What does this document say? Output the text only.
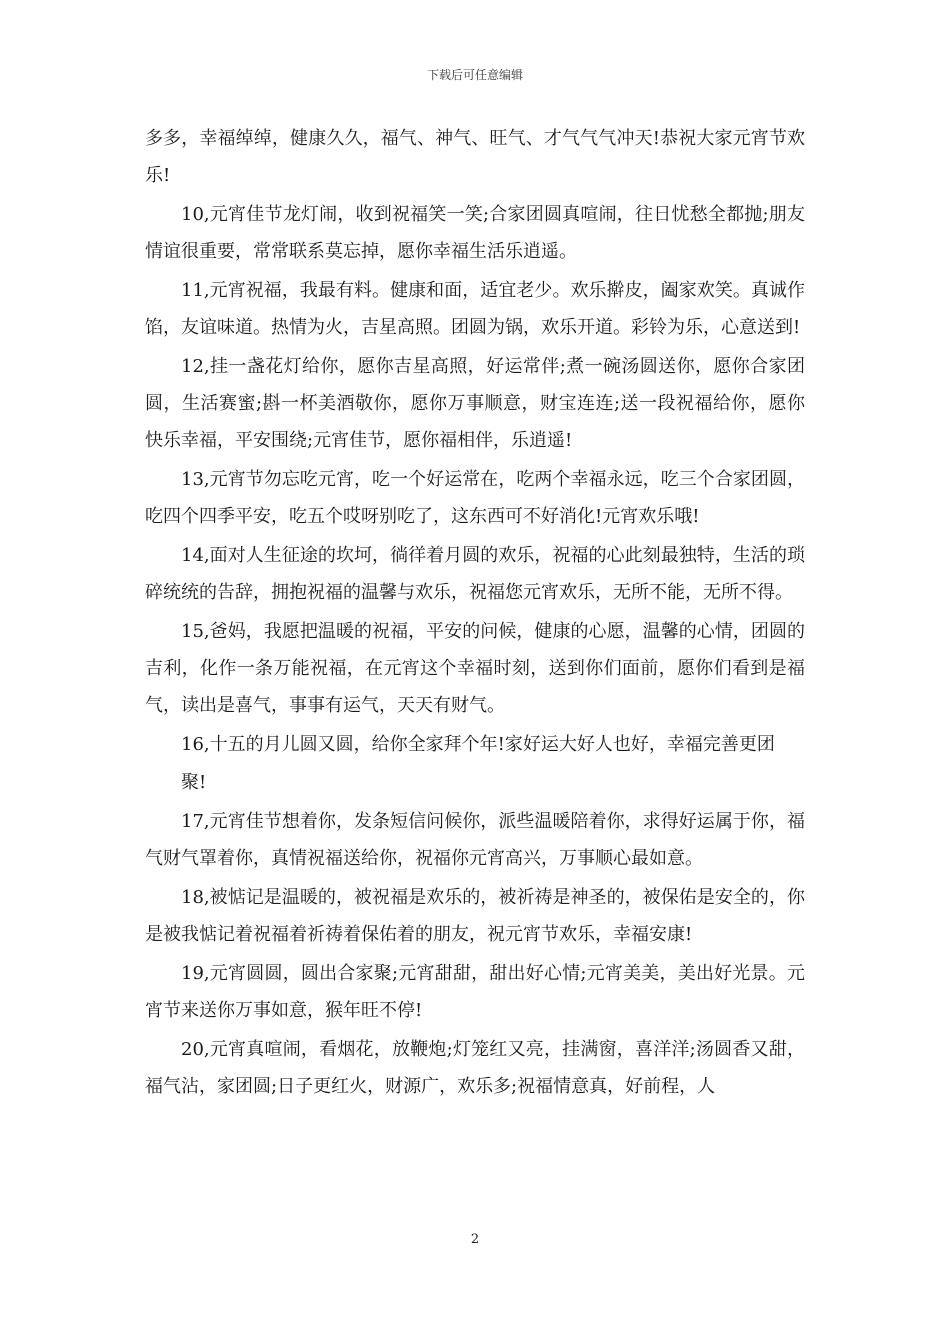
下载后可任意编辑

多多，幸福绰绰，健康久久，福气、神气、旺气、才气气气冲天!恭祝大家元宵节欢乐!

10,元宵佳节龙灯闹，收到祝福笑一笑;合家团圆真喧闹，往日忧愁全都抛;朋友情谊很重要，常常联系莫忘掉，愿你幸福生活乐逍遥。

11,元宵祝福，我最有料。健康和面，适宜老少。欢乐擀皮，阖家欢笑。真诚作馅，友谊味道。热情为火，吉星高照。团圆为锅，欢乐开道。彩铃为乐，心意送到!

12,挂一盏花灯给你，愿你吉星高照，好运常伴;煮一碗汤圆送你，愿你合家团圆，生活赛蜜;斟一杯美酒敬你，愿你万事顺意，财宝连连;送一段祝福给你，愿你快乐幸福，平安围绕;元宵佳节，愿你福相伴，乐逍遥!

13,元宵节勿忘吃元宵，吃一个好运常在，吃两个幸福永远，吃三个合家团圆，吃四个四季平安，吃五个哎呀别吃了，这东西可不好消化!元宵欢乐哦!

14,面对人生征途的坎坷，徜徉着月圆的欢乐，祝福的心此刻最独特，生活的琐碎统统的告辞，拥抱祝福的温馨与欢乐，祝福您元宵欢乐，无所不能，无所不得。

15,爸妈，我愿把温暖的祝福，平安的问候，健康的心愿，温馨的心情，团圆的吉利，化作一条万能祝福，在元宵这个幸福时刻，送到你们面前，愿你们看到是福气，读出是喜气，事事有运气，天天有财气。

16,十五的月儿圆又圆，给你全家拜个年!家好运大好人也好，幸福完善更团

聚!

17,元宵佳节想着你，发条短信问候你，派些温暖陪着你，求得好运属于你，福气财气罩着你，真情祝福送给你，祝福你元宵高兴，万事顺心最如意。

18,被惦记是温暖的，被祝福是欢乐的，被祈祷是神圣的，被保佑是安全的，你是被我惦记着祝福着祈祷着保佑着的朋友，祝元宵节欢乐，幸福安康!

19,元宵圆圆，圆出合家聚;元宵甜甜，甜出好心情;元宵美美，美出好光景。元宵节来送你万事如意，猴年旺不停!

20,元宵真喧闹，看烟花，放鞭炮;灯笼红又亮，挂满窗，喜洋洋;汤圆香又甜，福气沾，家团圆;日子更红火，财源广，欢乐多;祝福情意真，好前程，人

2
